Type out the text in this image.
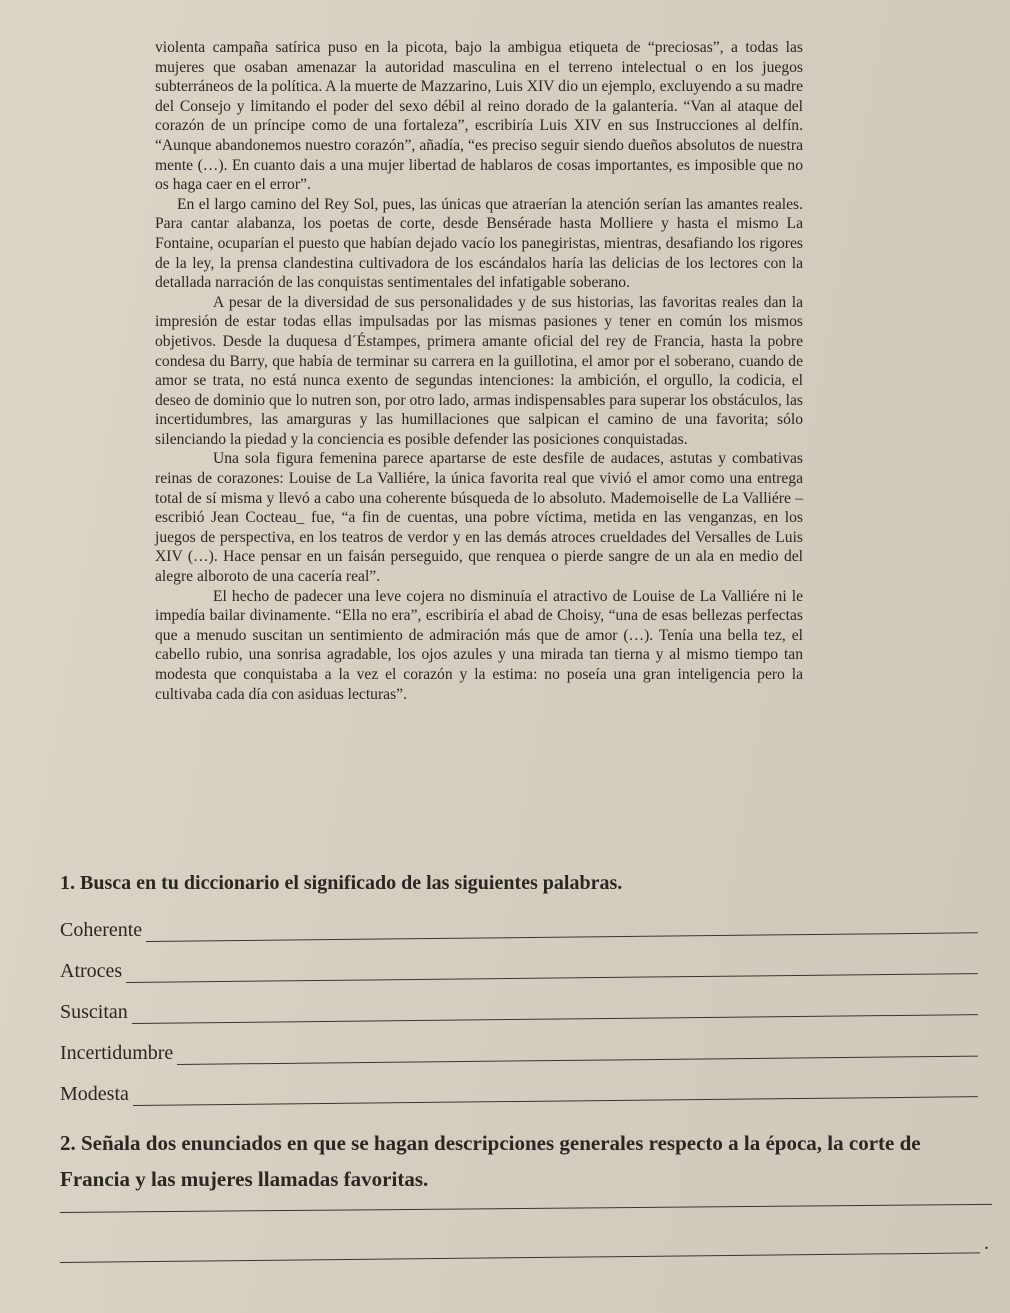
violenta campaña satírica puso en la picota, bajo la ambigua etiqueta de “preciosas”, a todas las mujeres que osaban amenazar la autoridad masculina en el terreno intelectual o en los juegos subterráneos de la política. A la muerte de Mazzarino, Luis XIV dio un ejemplo, excluyendo a su madre del Consejo y limitando el poder del sexo débil al reino dorado de la galantería. “Van al ataque del corazón de un príncipe como de una fortaleza”, escribiría Luis XIV en sus Instrucciones al delfín. “Aunque abandonemos nuestro corazón”, añadía, “es preciso seguir siendo dueños absolutos de nuestra mente (…). En cuanto dais a una mujer libertad de hablaros de cosas importantes, es imposible que no os haga caer en el error”.

En el largo camino del Rey Sol, pues, las únicas que atraerían la atención serían las amantes reales. Para cantar alabanza, los poetas de corte, desde Bensérade hasta Molliere y hasta el mismo La Fontaine, ocuparían el puesto que habían dejado vacío los panegiristas, mientras, desafiando los rigores de la ley, la prensa clandestina cultivadora de los escándalos haría las delicias de los lectores con la detallada narración de las conquistas sentimentales del infatigable soberano.

A pesar de la diversidad de sus personalidades y de sus historias, las favoritas reales dan la impresión de estar todas ellas impulsadas por las mismas pasiones y tener en común los mismos objetivos. Desde la duquesa d´Éstampes, primera amante oficial del rey de Francia, hasta la pobre condesa du Barry, que había de terminar su carrera en la guillotina, el amor por el soberano, cuando de amor se trata, no está nunca exento de segundas intenciones: la ambición, el orgullo, la codicia, el deseo de dominio que lo nutren son, por otro lado, armas indispensables para superar los obstáculos, las incertidumbres, las amarguras y las humillaciones que salpican el camino de una favorita; sólo silenciando la piedad y la conciencia es posible defender las posiciones conquistadas.

Una sola figura femenina parece apartarse de este desfile de audaces, astutas y combativas reinas de corazones: Louise de La Valliére, la única favorita real que vivió el amor como una entrega total de sí misma y llevó a cabo una coherente búsqueda de lo absoluto. Mademoiselle de La Valliére –escribió Jean Cocteau_ fue, “a fin de cuentas, una pobre víctima, metida en las venganzas, en los juegos de perspectiva, en los teatros de verdor y en las demás atroces crueldades del Versalles de Luis XIV (…). Hace pensar en un faisán perseguido, que renquea o pierde sangre de un ala en medio del alegre alboroto de una cacería real”.

El hecho de padecer una leve cojera no disminuía el atractivo de Louise de La Valliére ni le impedía bailar divinamente. “Ella no era”, escribiría el abad de Choisy, “una de esas bellezas perfectas que a menudo suscitan un sentimiento de admiración más que de amor (…). Tenía una bella tez, el cabello rubio, una sonrisa agradable, los ojos azules y una mirada tan tierna y al mismo tiempo tan modesta que conquistaba a la vez el corazón y la estima: no poseía una gran inteligencia pero la cultivaba cada día con asiduas lecturas”.

1. Busca en tu diccionario el significado de las siguientes palabras.
Coherente
Atroces
Suscitan
Incertidumbre
Modesta
2. Señala dos enunciados en que se hagan descripciones generales respecto a la época, la corte de Francia y las mujeres llamadas favoritas.
.
